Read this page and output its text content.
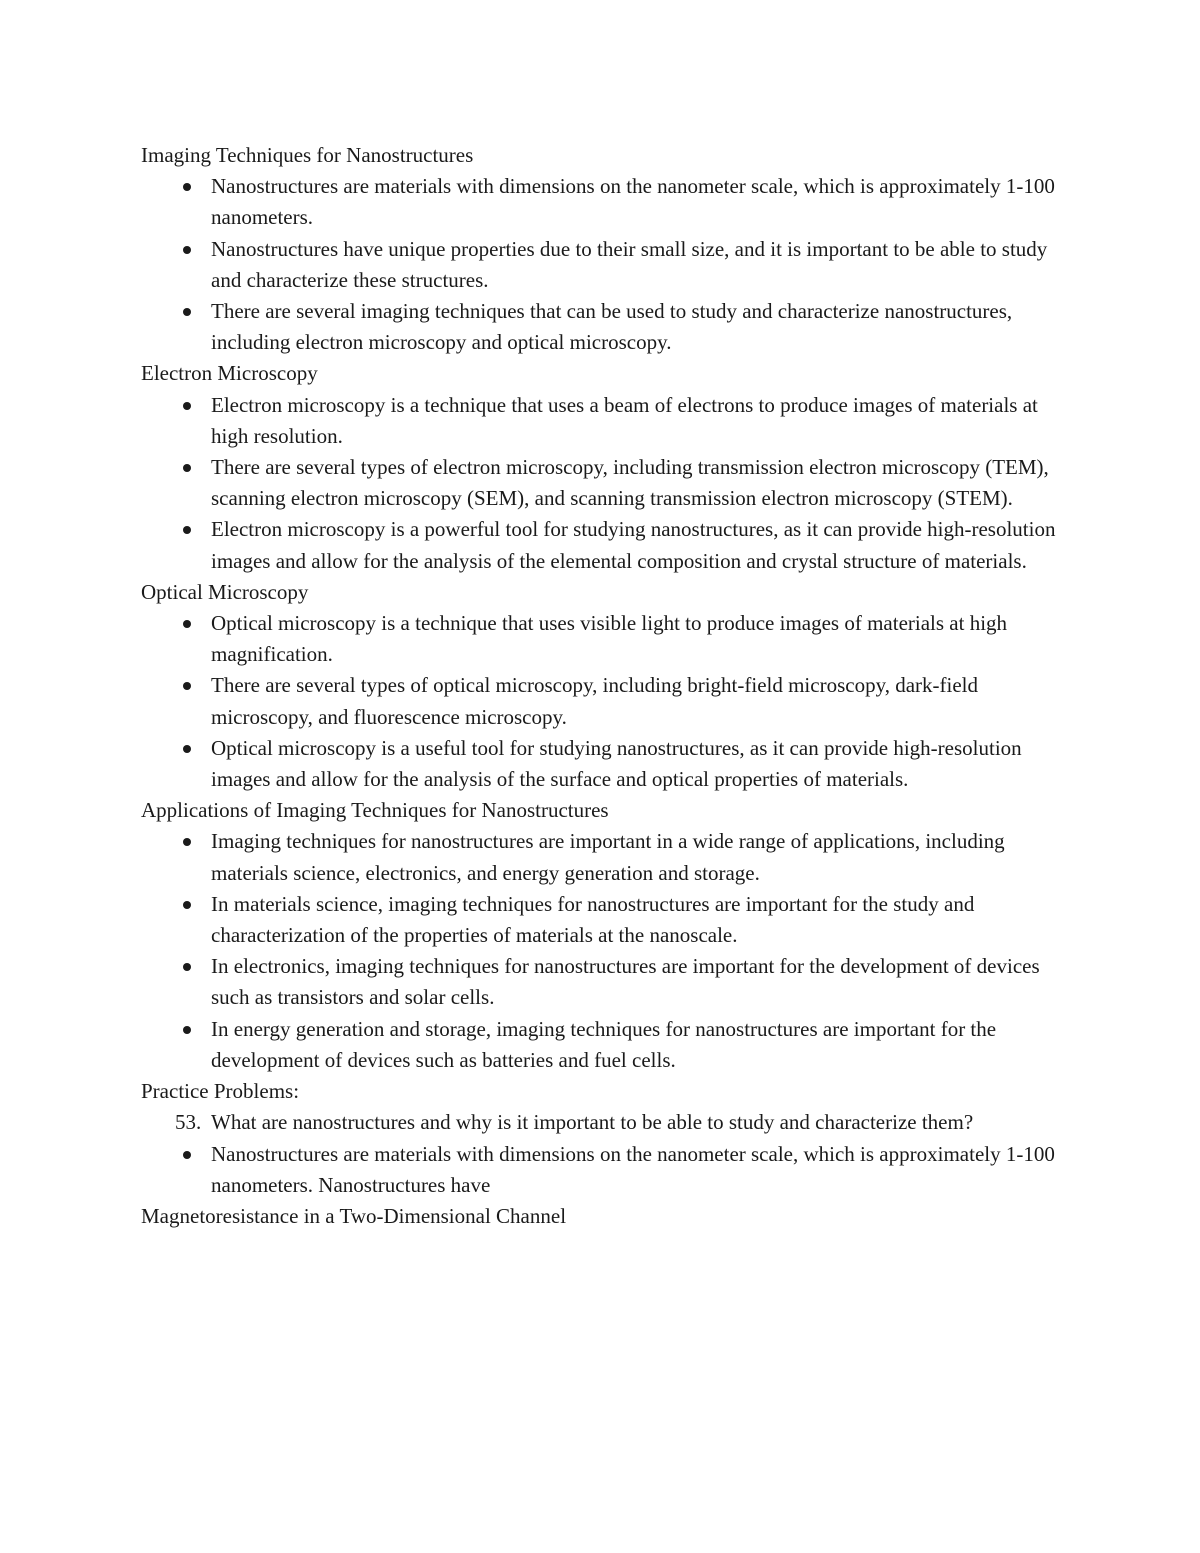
Imaging Techniques for Nanostructures

Nanostructures are materials with dimensions on the nanometer scale, which is approximately 1-100 nanometers.
Nanostructures have unique properties due to their small size, and it is important to be able to study and characterize these structures.
There are several imaging techniques that can be used to study and characterize nanostructures, including electron microscopy and optical microscopy.

Electron Microscopy

Electron microscopy is a technique that uses a beam of electrons to produce images of materials at high resolution.
There are several types of electron microscopy, including transmission electron microscopy (TEM), scanning electron microscopy (SEM), and scanning transmission electron microscopy (STEM).
Electron microscopy is a powerful tool for studying nanostructures, as it can provide high-resolution images and allow for the analysis of the elemental composition and crystal structure of materials.

Optical Microscopy

Optical microscopy is a technique that uses visible light to produce images of materials at high magnification.
There are several types of optical microscopy, including bright-field microscopy, dark-field microscopy, and fluorescence microscopy.
Optical microscopy is a useful tool for studying nanostructures, as it can provide high-resolution images and allow for the analysis of the surface and optical properties of materials.

Applications of Imaging Techniques for Nanostructures

Imaging techniques for nanostructures are important in a wide range of applications, including materials science, electronics, and energy generation and storage.
In materials science, imaging techniques for nanostructures are important for the study and characterization of the properties of materials at the nanoscale.
In electronics, imaging techniques for nanostructures are important for the development of devices such as transistors and solar cells.
In energy generation and storage, imaging techniques for nanostructures are important for the development of devices such as batteries and fuel cells.

Practice Problems:

53. What are nanostructures and why is it important to be able to study and characterize them?
Nanostructures are materials with dimensions on the nanometer scale, which is approximately 1-100 nanometers. Nanostructures have

Magnetoresistance in a Two-Dimensional Channel
